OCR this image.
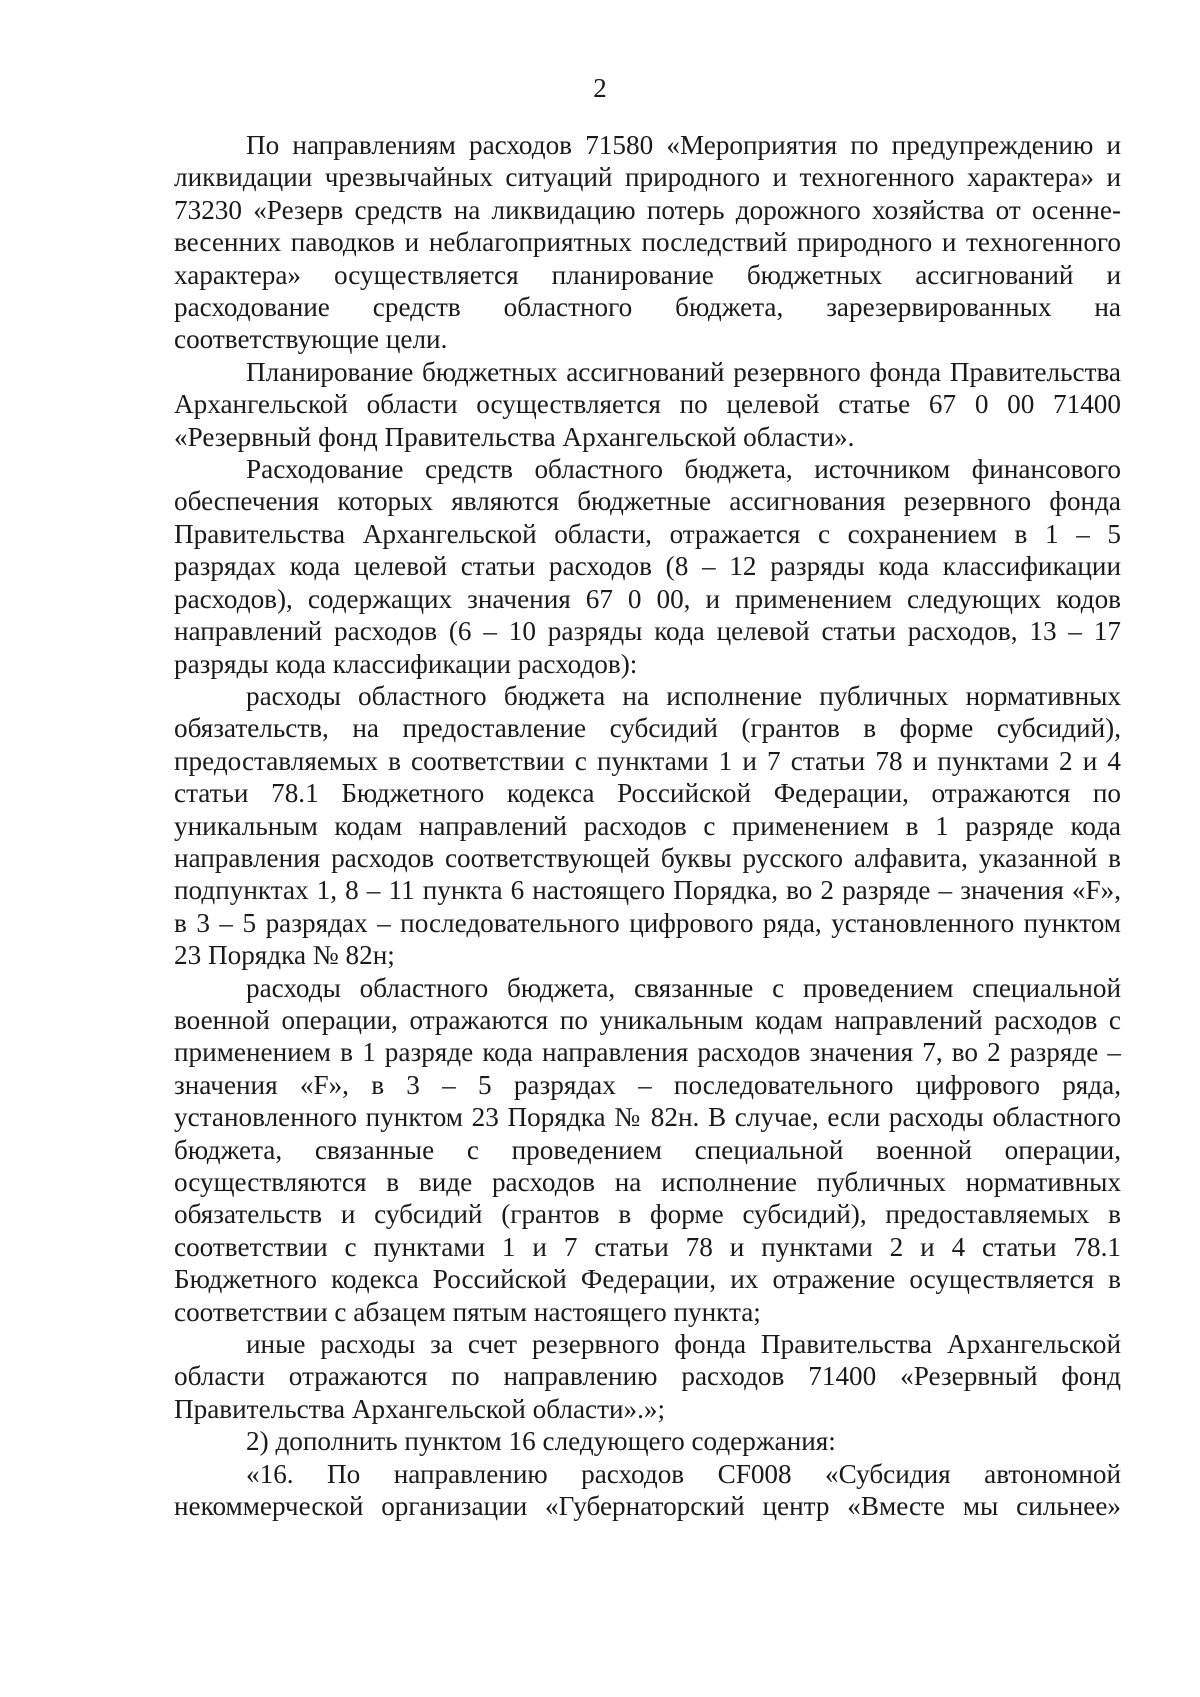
2

По направлениям расходов 71580 «Мероприятия по предупреждению и ликвидации чрезвычайных ситуаций природного и техногенного характера» и 73230 «Резерв средств на ликвидацию потерь дорожного хозяйства от осенне-весенних паводков и неблагоприятных последствий природного и техногенного характера» осуществляется планирование бюджетных ассигнований и расходование средств областного бюджета, зарезервированных на соответствующие цели.

Планирование бюджетных ассигнований резервного фонда Правительства Архангельской области осуществляется по целевой статье 67 0 00 71400 «Резервный фонд Правительства Архангельской области».

Расходование средств областного бюджета, источником финансового обеспечения которых являются бюджетные ассигнования резервного фонда Правительства Архангельской области, отражается с сохранением в 1 – 5 разрядах кода целевой статьи расходов (8 – 12 разряды кода классификации расходов), содержащих значения 67 0 00, и применением следующих кодов направлений расходов (6 – 10 разряды кода целевой статьи расходов, 13 – 17 разряды кода классификации расходов):

расходы областного бюджета на исполнение публичных нормативных обязательств, на предоставление субсидий (грантов в форме субсидий), предоставляемых в соответствии с пунктами 1 и 7 статьи 78 и пунктами 2 и 4 статьи 78.1 Бюджетного кодекса Российской Федерации, отражаются по уникальным кодам направлений расходов с применением в 1 разряде кода направления расходов соответствующей буквы русского алфавита, указанной в подпунктах 1, 8 – 11 пункта 6 настоящего Порядка, во 2 разряде – значения «F», в 3 – 5 разрядах – последовательного цифрового ряда, установленного пунктом 23 Порядка № 82н;

расходы областного бюджета, связанные с проведением специальной военной операции, отражаются по уникальным кодам направлений расходов с применением в 1 разряде кода направления расходов значения 7, во 2 разряде – значения «F», в 3 – 5 разрядах – последовательного цифрового ряда, установленного пунктом 23 Порядка № 82н. В случае, если расходы областного бюджета, связанные с проведением специальной военной операции, осуществляются в виде расходов на исполнение публичных нормативных обязательств и субсидий (грантов в форме субсидий), предоставляемых в соответствии с пунктами 1 и 7 статьи 78 и пунктами 2 и 4 статьи 78.1 Бюджетного кодекса Российской Федерации, их отражение осуществляется в соответствии с абзацем пятым настоящего пункта;

иные расходы за счет резервного фонда Правительства Архангельской области отражаются по направлению расходов 71400 «Резервный фонд Правительства Архангельской области».»;

2) дополнить пунктом 16 следующего содержания:

«16. По направлению расходов CF008 «Субсидия автономной некоммерческой организации «Губернаторский центр «Вместе мы сильнее»
